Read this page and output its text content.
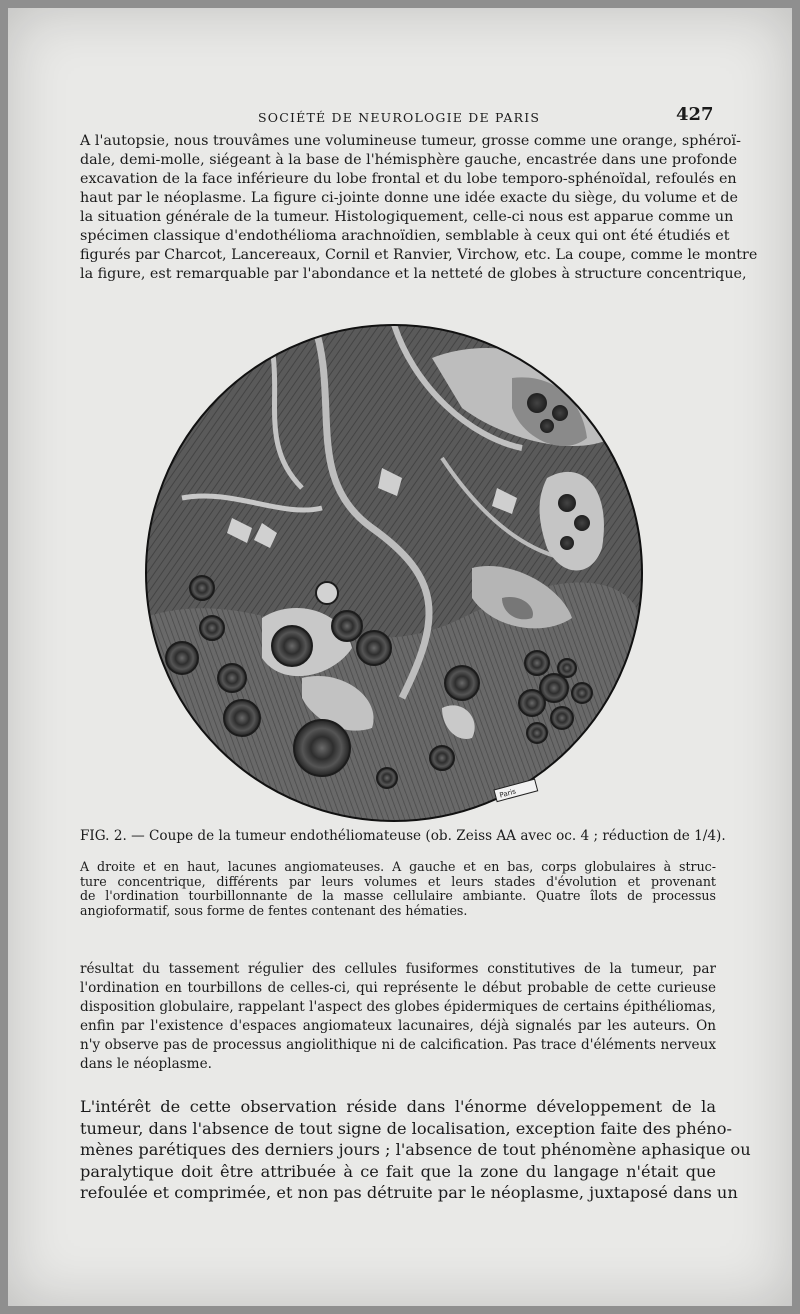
SOCIÉTÉ DE NEUROLOGIE DE PARIS	427

A l'autopsie, nous trouvâmes une volumineuse tumeur, grosse comme une orange, sphéroï-
dale, demi-molle, siégeant à la base de l'hémisphère gauche, encastrée dans une profonde
excavation de la face inférieure du lobe frontal et du lobe temporo-sphénoïdal, refoulés en
haut par le néoplasme. La figure ci-jointe donne une idée exacte du siège, du volume et de
la situation générale de la tumeur. Histologiquement, celle-ci nous est apparue comme un
spécimen classique d'endothélioma arachnoïdien, semblable à ceux qui ont été étudiés et
figurés par Charcot, Lancereaux, Cornil et Ranvier, Virchow, etc. La coupe, comme le montre
la figure, est remarquable par l'abondance et la netteté de globes à structure concentrique,

Paris
FIG. 2. — Coupe de la tumeur endothéliomateuse (ob. Zeiss AA avec oc. 4 ; réduction de 1/4).

A droite et en haut, lacunes angiomateuses. A gauche et en bas, corps globulaires à struc-
ture concentrique, différents par leurs volumes et leurs stades d'évolution et provenant
de l'ordination tourbillonnante de la masse cellulaire ambiante. Quatre îlots de processus
angioformatif, sous forme de fentes contenant des hématies.

résultat du tassement régulier des cellules fusiformes constitutives de la tumeur, par
l'ordination en tourbillons de celles-ci, qui représente le début probable de cette curieuse
disposition globulaire, rappelant l'aspect des globes épidermiques de certains épithéliomas,
enfin par l'existence d'espaces angiomateux lacunaires, déjà signalés par les auteurs. On
n'y observe pas de processus angiolithique ni de calcification. Pas trace d'éléments nerveux
dans le néoplasme.

L'intérêt de cette observation réside dans l'énorme développement de la
tumeur, dans l'absence de tout signe de localisation, exception faite des phéno-
mènes parétiques des derniers jours ; l'absence de tout phénomène aphasique ou
paralytique doit être attribuée à ce fait que la zone du langage n'était que
refoulée et comprimée, et non pas détruite par le néoplasme, juxtaposé dans un
